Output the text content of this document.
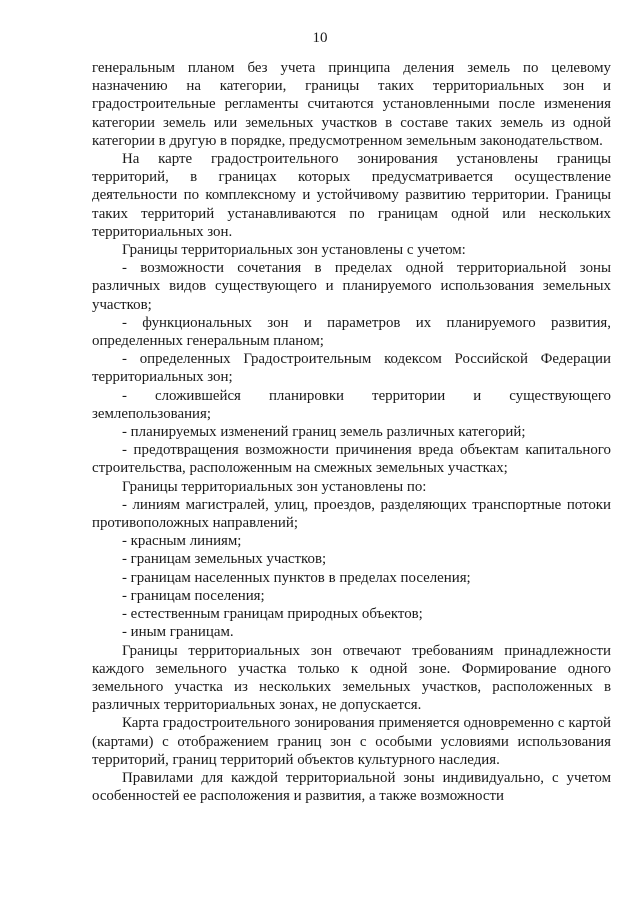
10

генеральным планом без учета принципа деления земель по целевому назначению на категории, границы таких территориальных зон и градостроительные регламенты считаются установленными после изменения категории земель или земельных участков в составе таких земель из одной категории в другую в порядке, предусмотренном земельным законодательством.

На карте градостроительного зонирования установлены границы территорий, в границах которых предусматривается осуществление деятельности по комплексному и устойчивому развитию территории. Границы таких территорий устанавливаются по границам одной или нескольких территориальных зон.

Границы территориальных зон установлены с учетом:

- возможности сочетания в пределах одной территориальной зоны различных видов существующего и планируемого использования земельных участков;

- функциональных зон и параметров их планируемого развития, определенных генеральным планом;

- определенных Градостроительным кодексом Российской Федерации территориальных зон;

- сложившейся планировки территории и существующего землепользования;

- планируемых изменений границ земель различных категорий;

- предотвращения возможности причинения вреда объектам капитального строительства, расположенным на смежных земельных участках;

Границы территориальных зон установлены по:

- линиям магистралей, улиц, проездов, разделяющих транспортные потоки противоположных направлений;

- красным линиям;

- границам земельных участков;

- границам населенных пунктов в пределах поселения;

- границам поселения;

- естественным границам природных объектов;

- иным границам.

Границы территориальных зон отвечают требованиям принадлежности каждого земельного участка только к одной зоне. Формирование одного земельного участка из нескольких земельных участков, расположенных в различных территориальных зонах, не допускается.

Карта градостроительного зонирования применяется одновременно с картой (картами) с отображением границ зон с особыми условиями использования территорий, границ территорий объектов культурного наследия.

Правилами для каждой территориальной зоны индивидуально, с учетом особенностей ее расположения и развития, а также возможности
